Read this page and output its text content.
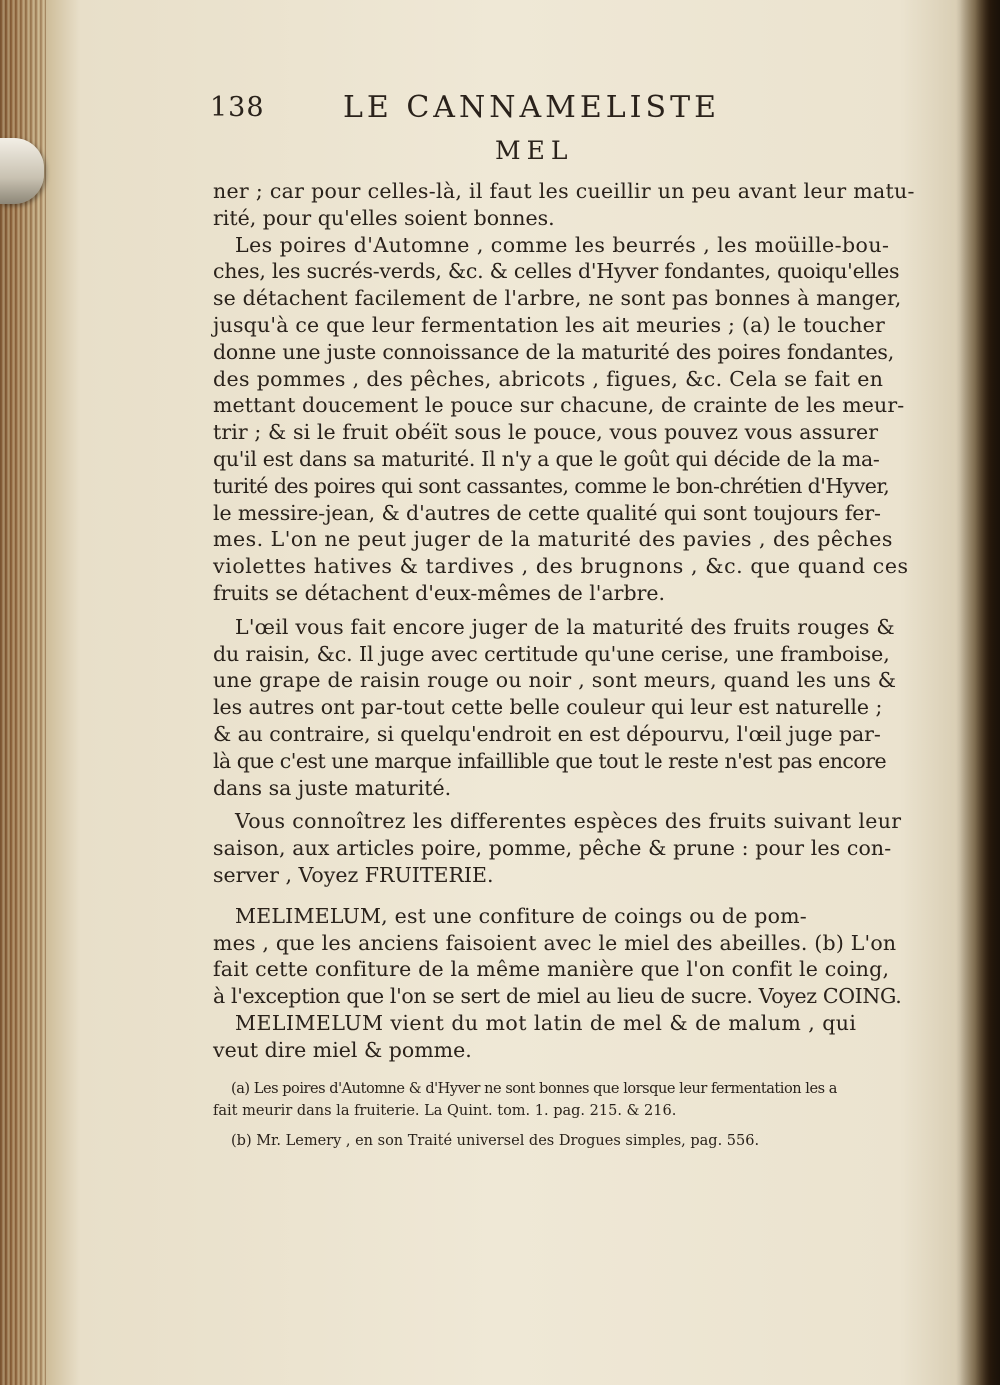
138	LE CANNAMELISTE
MEL
ner ; car pour celles-là, il faut les cueillir un peu avant leur matu-
rité, pour qu'elles soient bonnes.
Les poires d'Automne , comme les beurrés , les moüille-bou-
ches, les sucrés-verds, &c. & celles d'Hyver fondantes, quoiqu'elles
se détachent facilement de l'arbre, ne sont pas bonnes à manger,
jusqu'à ce que leur fermentation les ait meuries ; (a) le toucher
donne une juste connoissance de la maturité des poires fondantes,
des pommes , des pêches, abricots , figues, &c. Cela se fait en
mettant doucement le pouce sur chacune, de crainte de les meur-
trir ; & si le fruit obéït sous le pouce, vous pouvez vous assurer
qu'il est dans sa maturité. Il n'y a que le goût qui décide de la ma-
turité des poires qui sont cassantes, comme le bon-chrétien d'Hyver,
le messire-jean, & d'autres de cette qualité qui sont toujours fer-
mes. L'on ne peut juger de la maturité des pavies , des pêches
violettes hatives & tardives , des brugnons , &c. que quand ces
fruits se détachent d'eux-mêmes de l'arbre.
L'œil vous fait encore juger de la maturité des fruits rouges &
du raisin, &c. Il juge avec certitude qu'une cerise, une framboise,
une grape de raisin rouge ou noir , sont meurs, quand les uns &
les autres ont par-tout cette belle couleur qui leur est naturelle ;
& au contraire, si quelqu'endroit en est dépourvu, l'œil juge par-
là que c'est une marque infaillible que tout le reste n'est pas encore
dans sa juste maturité.
Vous connoîtrez les differentes espèces des fruits suivant leur
saison, aux articles poire, pomme, pêche & prune : pour les con-
server , Voyez FRUITERIE.
MELIMELUM, est une confiture de coings ou de pom-
mes , que les anciens faisoient avec le miel des abeilles. (b) L'on
fait cette confiture de la même manière que l'on confit le coing,
à l'exception que l'on se sert de miel au lieu de sucre. Voyez COING.
MELIMELUM vient du mot latin de mel & de malum , qui
veut dire miel & pomme.
(a) Les poires d'Automne & d'Hyver ne sont bonnes que lorsque leur fermentation les a
fait meurir dans la fruiterie. La Quint. tom. 1. pag. 215. & 216.
(b) Mr. Lemery , en son Traité universel des Drogues simples, pag. 556.
